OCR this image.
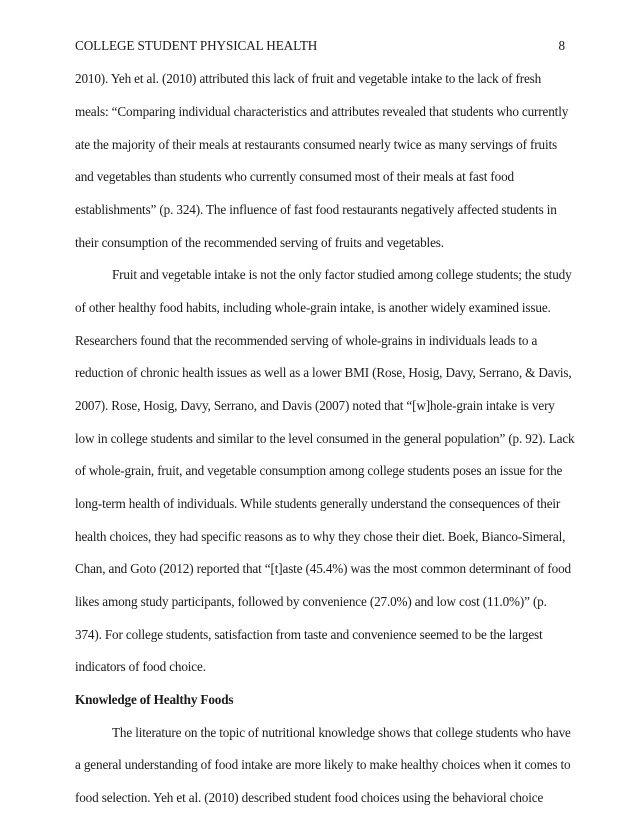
COLLEGE STUDENT PHYSICAL HEALTH	8
2010). Yeh et al. (2010) attributed this lack of fruit and vegetable intake to the lack of fresh
meals: “Comparing individual characteristics and attributes revealed that students who currently
ate the majority of their meals at restaurants consumed nearly twice as many servings of fruits
and vegetables than students who currently consumed most of their meals at fast food
establishments” (p. 324). The influence of fast food restaurants negatively affected students in
their consumption of the recommended serving of fruits and vegetables.
Fruit and vegetable intake is not the only factor studied among college students; the study
of other healthy food habits, including whole-grain intake, is another widely examined issue.
Researchers found that the recommended serving of whole-grains in individuals leads to a
reduction of chronic health issues as well as a lower BMI (Rose, Hosig, Davy, Serrano, & Davis,
2007). Rose, Hosig, Davy, Serrano, and Davis (2007) noted that “[w]hole-grain intake is very
low in college students and similar to the level consumed in the general population” (p. 92). Lack
of whole-grain, fruit, and vegetable consumption among college students poses an issue for the
long-term health of individuals. While students generally understand the consequences of their
health choices, they had specific reasons as to why they chose their diet. Boek, Bianco-Simeral,
Chan, and Goto (2012) reported that “[t]aste (45.4%) was the most common determinant of food
likes among study participants, followed by convenience (27.0%) and low cost (11.0%)” (p.
374). For college students, satisfaction from taste and convenience seemed to be the largest
indicators of food choice.
Knowledge of Healthy Foods
The literature on the topic of nutritional knowledge shows that college students who have
a general understanding of food intake are more likely to make healthy choices when it comes to
food selection. Yeh et al. (2010) described student food choices using the behavioral choice
